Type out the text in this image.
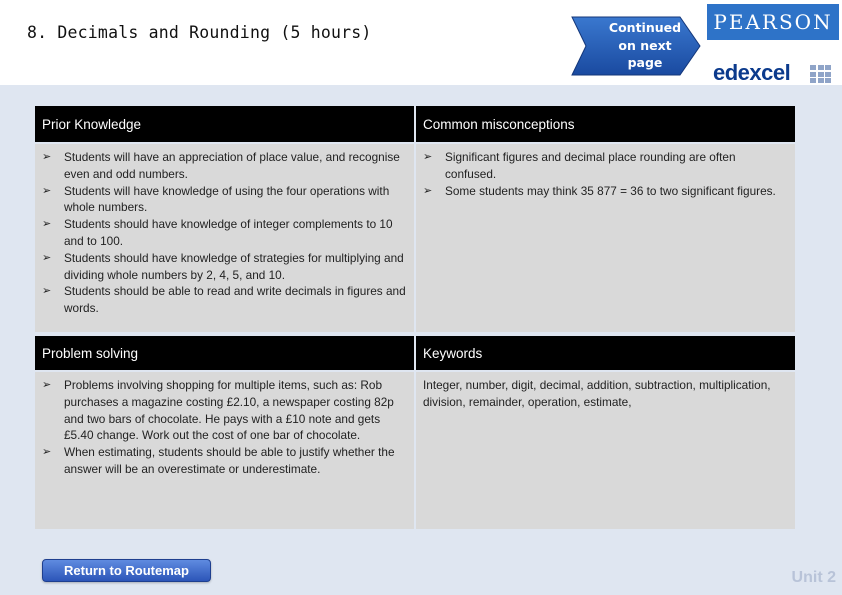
8. Decimals and Rounding (5 hours)	Continued
on next
page
PEARSON
edexcel
Prior Knowledge
➢ Students will have an appreciation of place value, and recognise even and odd numbers.
➢ Students will have knowledge of using the four operations with whole numbers.
➢ Students should have knowledge of integer complements to 10 and to 100.
➢ Students should have knowledge of strategies for multiplying and dividing whole numbers by 2, 4, 5, and 10.
➢ Students should be able to read and write decimals in figures and words.
Common misconceptions
➢ Significant figures and decimal place rounding are often confused.
➢ Some students may think 35 877 = 36 to two significant figures.
Problem solving
➢ Problems involving shopping for multiple items, such as: Rob purchases a magazine costing £2.10, a newspaper costing 82p and two bars of chocolate. He pays with a £10 note and gets £5.40 change. Work out the cost of one bar of chocolate.
➢ When estimating, students should be able to justify whether the answer will be an overestimate or underestimate.
Keywords

Integer, number, digit, decimal, addition, subtraction, multiplication, division, remainder, operation, estimate,

Return to Routemap	Unit 2
